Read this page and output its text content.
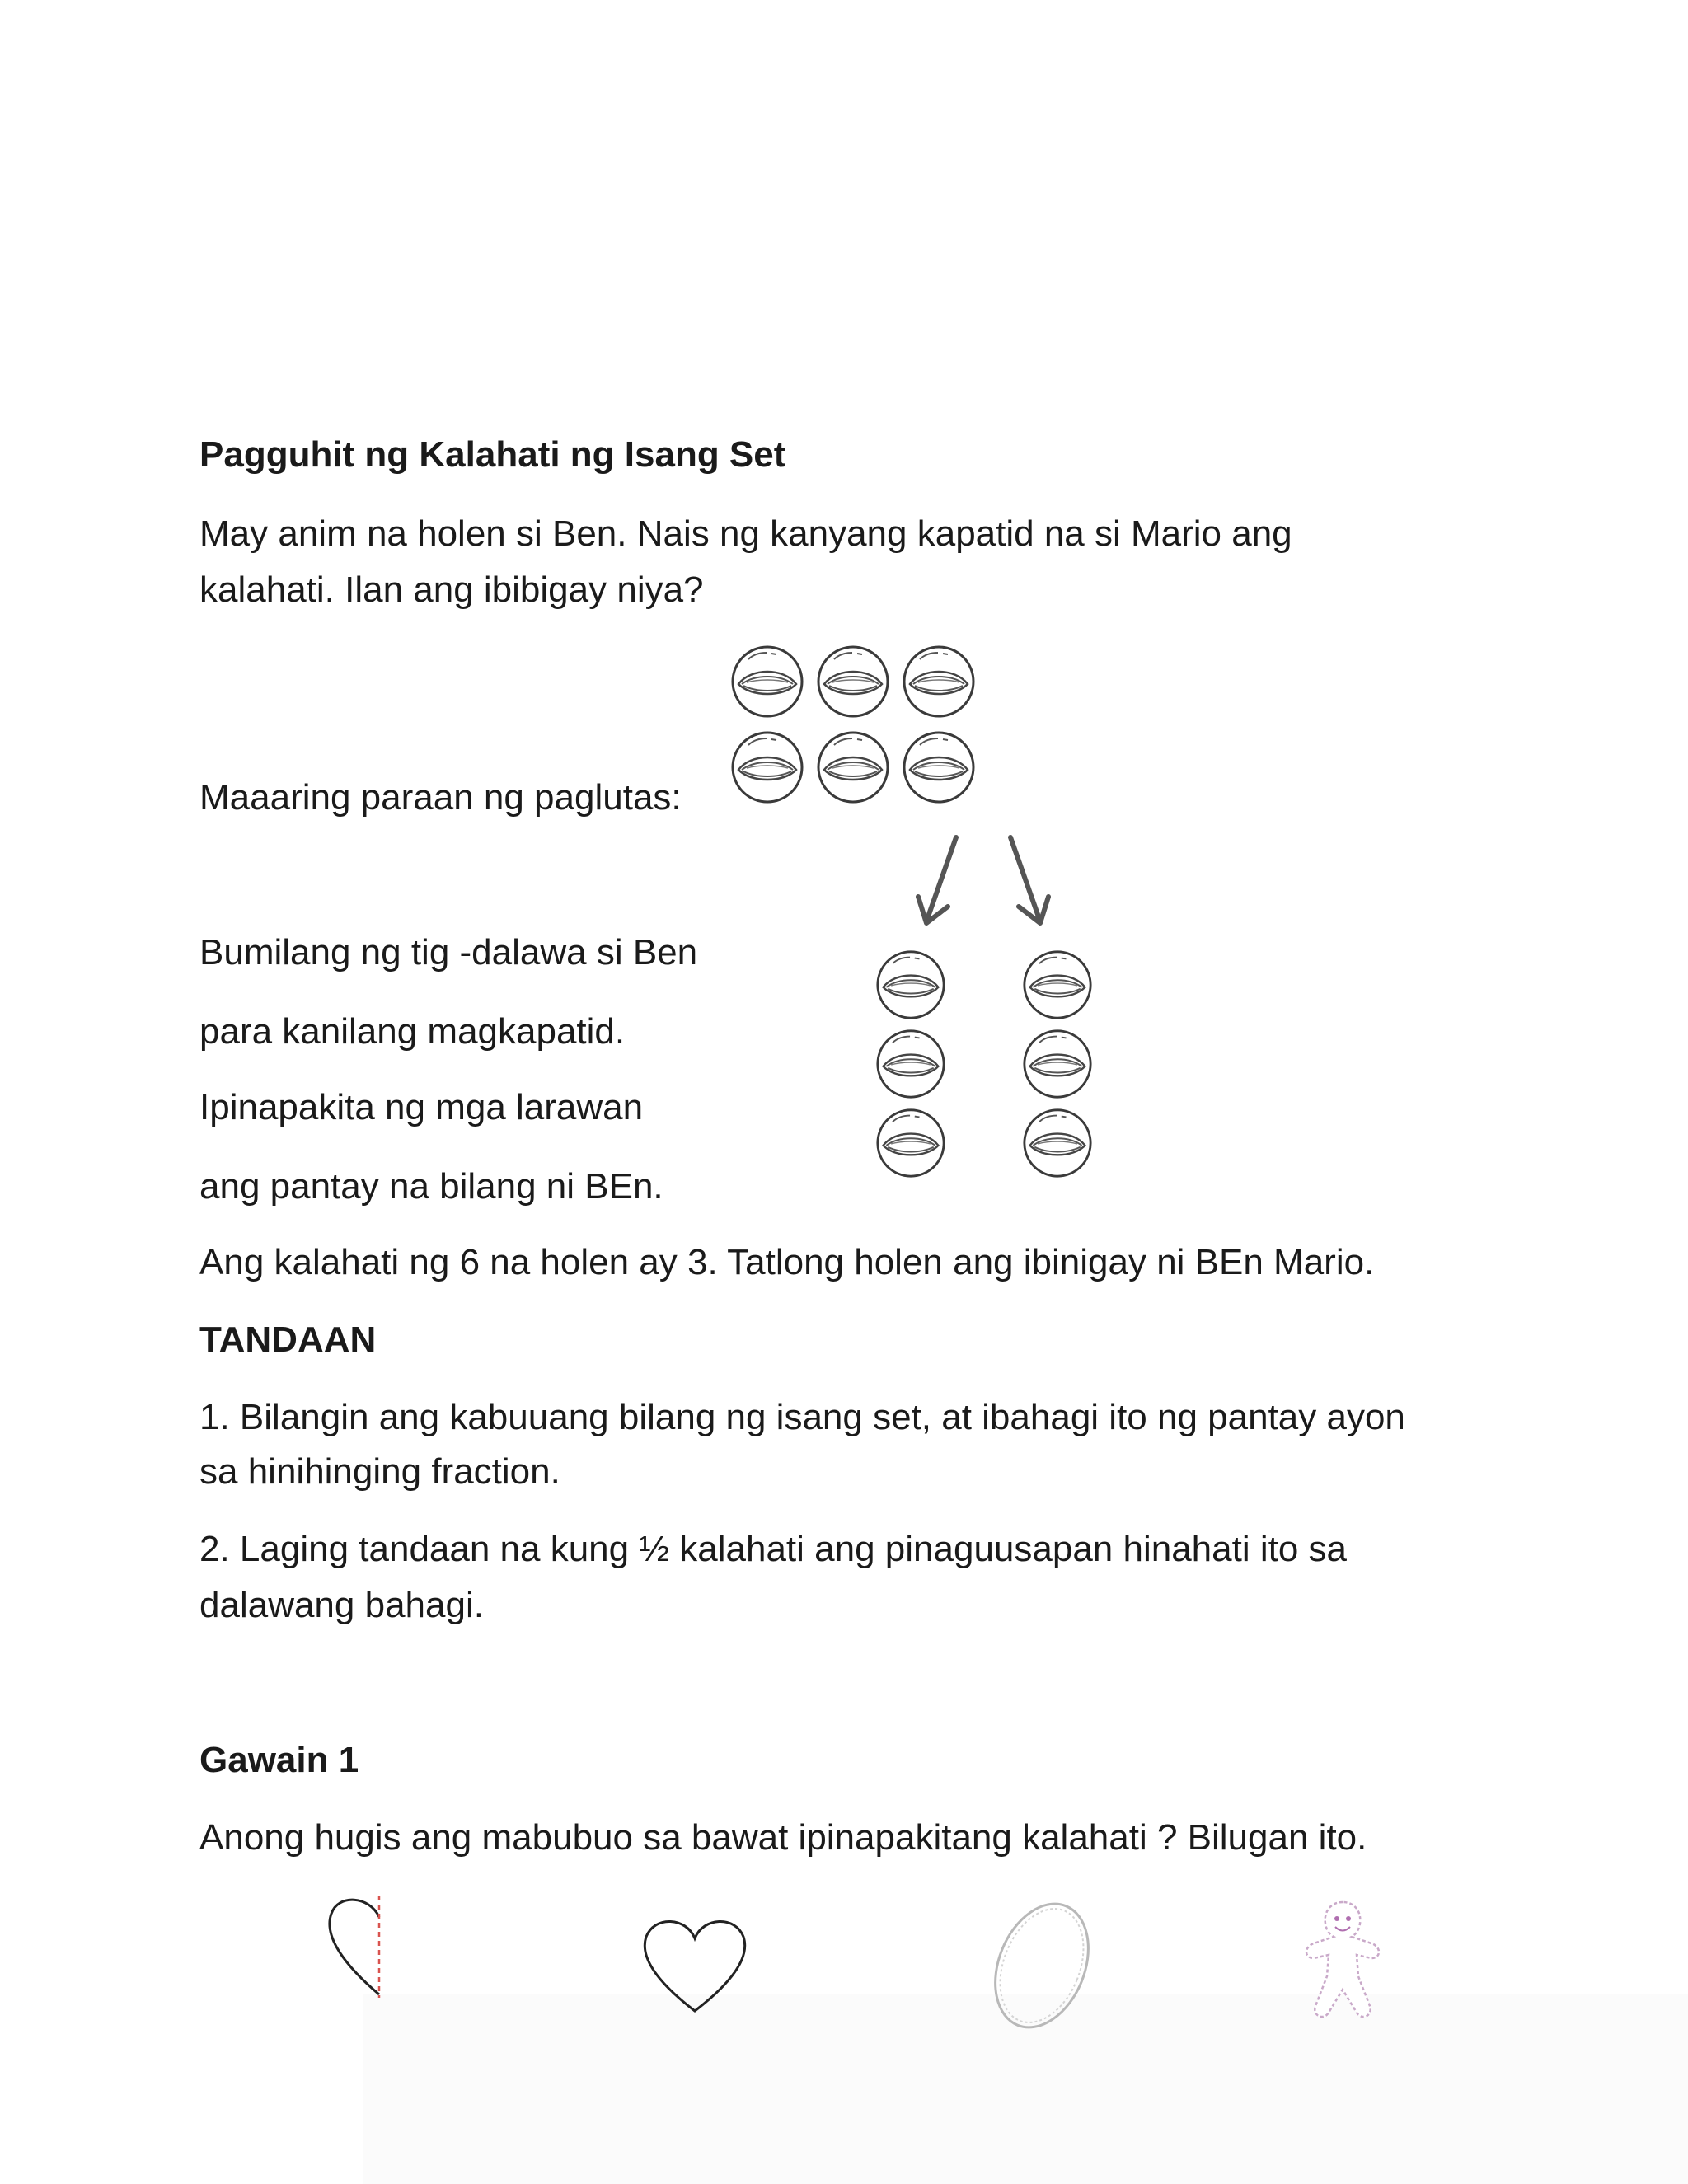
Pagguhit ng Kalahati ng Isang Set
May anim na holen si Ben. Nais ng kanyang kapatid na si Mario ang
kalahati. Ilan ang ibibigay niya?
Maaaring paraan ng paglutas:
Bumilang ng tig -dalawa si Ben
para kanilang magkapatid.
Ipinapakita ng mga larawan
ang pantay na bilang ni BEn.
Ang kalahati ng 6 na holen ay 3. Tatlong holen ang ibinigay ni BEn Mario.
TANDAAN
1. Bilangin ang kabuuang bilang ng isang set, at ibahagi ito ng pantay ayon
sa hinihinging fraction.
2. Laging tandaan na kung ½ kalahati ang pinaguusapan hinahati ito sa
dalawang bahagi.
Gawain 1
Anong hugis ang mabubuo sa bawat ipinapakitang kalahati ? Bilugan ito.
